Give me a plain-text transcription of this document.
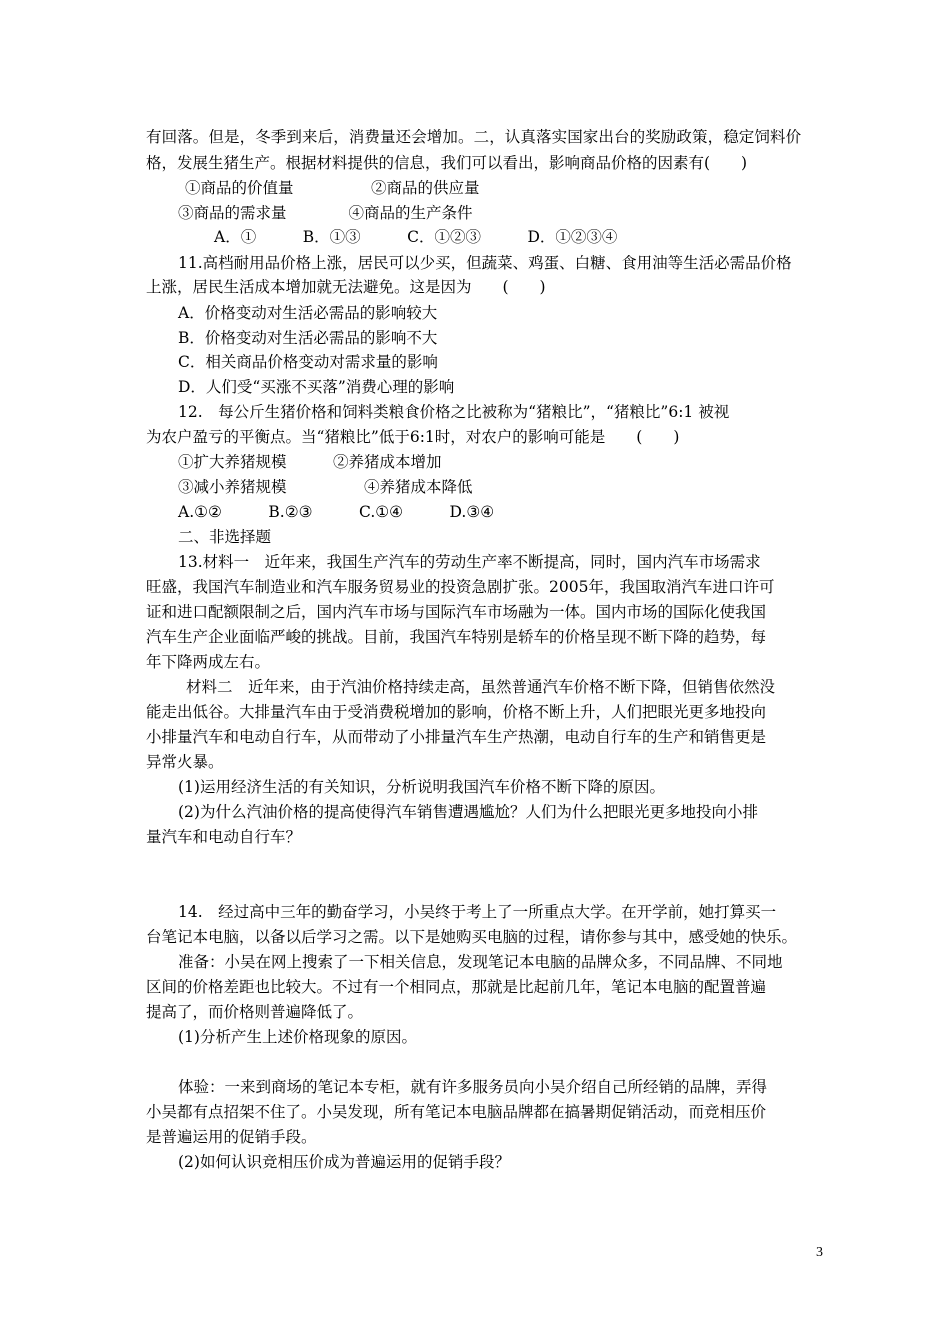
有回落。但是，冬季到来后，消费量还会增加。二，认真落实国家出台的奖励政策，稳定饲料价
格，发展生猪生产。根据材料提供的信息，我们可以看出，影响商品价格的因素有(　　)
①商品的价值量　　　　　②商品的供应量
③商品的需求量　　　　④商品的生产条件
A．①　　　B．①③　　　C．①②③　　　D．①②③④
11.高档耐用品价格上涨，居民可以少买，但蔬菜、鸡蛋、白糖、食用油等生活必需品价格
上涨，居民生活成本增加就无法避免。这是因为　　(　　)
A．价格变动对生活必需品的影响较大
B．价格变动对生活必需品的影响不大
C．相关商品价格变动对需求量的影响
D．人们受“买涨不买落”消费心理的影响
12.　每公斤生猪价格和饲料类粮食价格之比被称为“猪粮比”，“猪粮比”6:1 被视
为农户盈亏的平衡点。当“猪粮比”低于6:1时，对农户的影响可能是　　(　　)
①扩大养猪规模　　　②养猪成本增加
③减小养猪规模　　　　　④养猪成本降低
A.①②　　　B.②③　　　C.①④　　　D.③④
二、非选择题
13.材料一　近年来，我国生产汽车的劳动生产率不断提高，同时，国内汽车市场需求
旺盛，我国汽车制造业和汽车服务贸易业的投资急剧扩张。2005年，我国取消汽车进口许可
证和进口配额限制之后，国内汽车市场与国际汽车市场融为一体。国内市场的国际化使我国
汽车生产企业面临严峻的挑战。目前，我国汽车特别是轿车的价格呈现不断下降的趋势，每
年下降两成左右。
材料二　近年来，由于汽油价格持续走高，虽然普通汽车价格不断下降，但销售依然没
能走出低谷。大排量汽车由于受消费税增加的影响，价格不断上升，人们把眼光更多地投向
小排量汽车和电动自行车，从而带动了小排量汽车生产热潮，电动自行车的生产和销售更是
异常火暴。
(1)运用经济生活的有关知识，分析说明我国汽车价格不断下降的原因。
(2)为什么汽油价格的提高使得汽车销售遭遇尴尬？人们为什么把眼光更多地投向小排
量汽车和电动自行车？
14.　经过高中三年的勤奋学习，小吴终于考上了一所重点大学。在开学前，她打算买一
台笔记本电脑，以备以后学习之需。以下是她购买电脑的过程，请你参与其中，感受她的快乐。
准备：小吴在网上搜索了一下相关信息，发现笔记本电脑的品牌众多，不同品牌、不同地
区间的价格差距也比较大。不过有一个相同点，那就是比起前几年，笔记本电脑的配置普遍
提高了，而价格则普遍降低了。
(1)分析产生上述价格现象的原因。
体验：一来到商场的笔记本专柜，就有许多服务员向小吴介绍自己所经销的品牌，弄得
小吴都有点招架不住了。小吴发现，所有笔记本电脑品牌都在搞暑期促销活动，而竞相压价
是普遍运用的促销手段。
(2)如何认识竞相压价成为普遍运用的促销手段？
3
